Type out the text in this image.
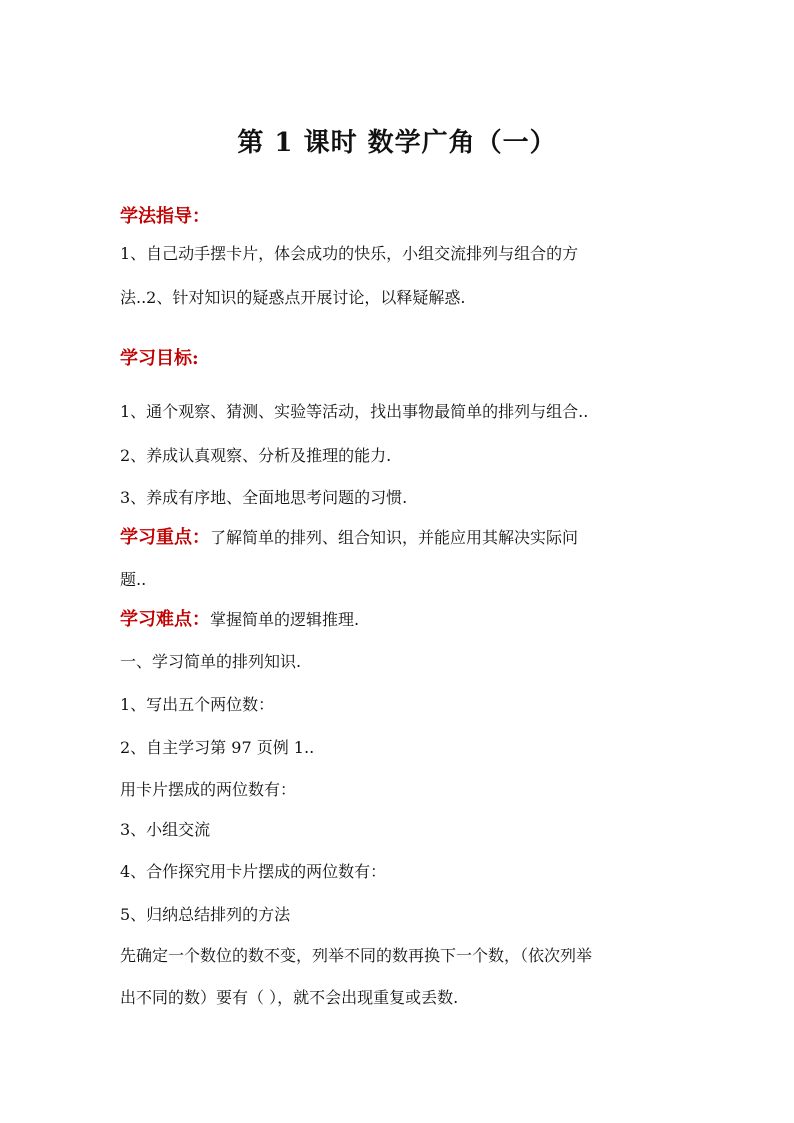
第 1 课时 数学广角（一）
学法指导：
1、自己动手摆卡片，体会成功的快乐，小组交流排列与组合的方
法..2、针对知识的疑惑点开展讨论，以释疑解惑.
学习目标:
1、通个观察、猜测、实验等活动，找出事物最简单的排列与组合..
2、养成认真观察、分析及推理的能力.
3、养成有序地、全面地思考问题的习惯.
学习重点：了解简单的排列、组合知识，并能应用其解决实际问
题..
学习难点：掌握简单的逻辑推理.
一、学习简单的排列知识.
1、写出五个两位数：
2、自主学习第 97 页例 1..
用卡片摆成的两位数有：
3、小组交流
4、合作探究用卡片摆成的两位数有：
5、归纳总结排列的方法
先确定一个数位的数不变，列举不同的数再换下一个数，（依次列举
出不同的数）要有（ ），就不会出现重复或丢数.
